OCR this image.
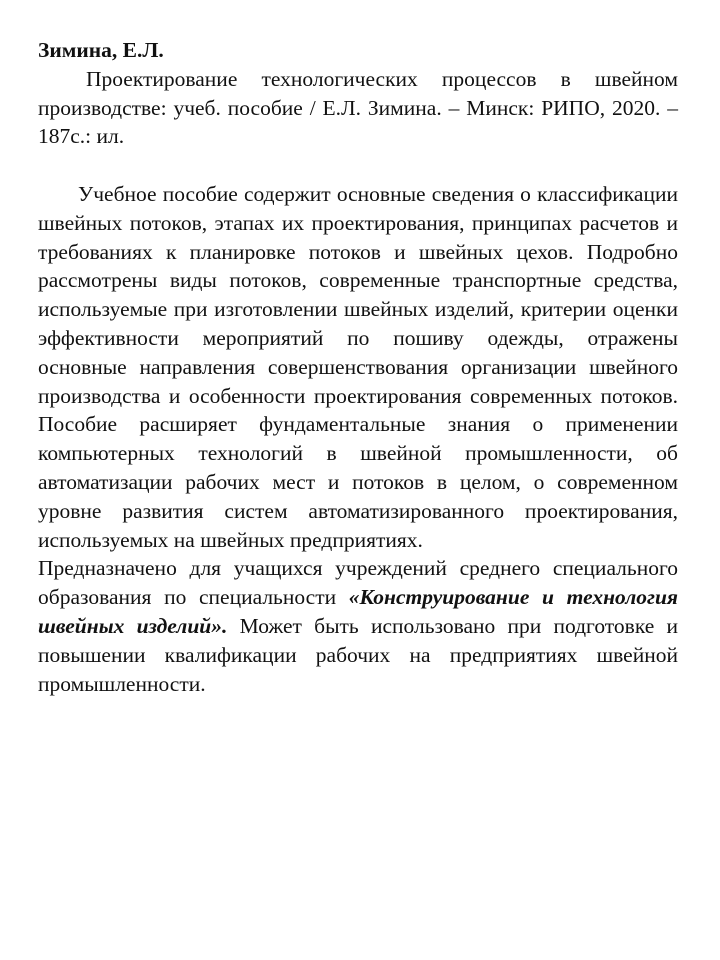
Зимина, Е.Л.

Проектирование технологических процессов в швейном производстве: учеб. пособие / Е.Л. Зимина. – Минск: РИПО, 2020. – 187с.: ил.

Учебное пособие содержит основные сведения о классификации швейных потоков, этапах их проектирования, принципах расчетов и требованиях к планировке потоков и швейных цехов. Подробно рассмотрены виды потоков, современные транспортные средства, используемые при изготовлении швейных изделий, критерии оценки эффективности мероприятий по пошиву одежды, отражены основные направления совершенствования организации швейного производства и особенности проектирования современных потоков. Пособие расширяет фундаментальные знания о применении компьютерных технологий в швейной промышленности, об автоматизации рабочих мест и потоков в целом, о современном уровне развития систем автоматизированного проектирования, используемых на швейных предприятиях.

Предназначено для учащихся учреждений среднего специального образования по специальности «Конструирование и технология швейных изделий». Может быть использовано при подготовке и повышении квалификации рабочих на предприятиях швейной промышленности.
